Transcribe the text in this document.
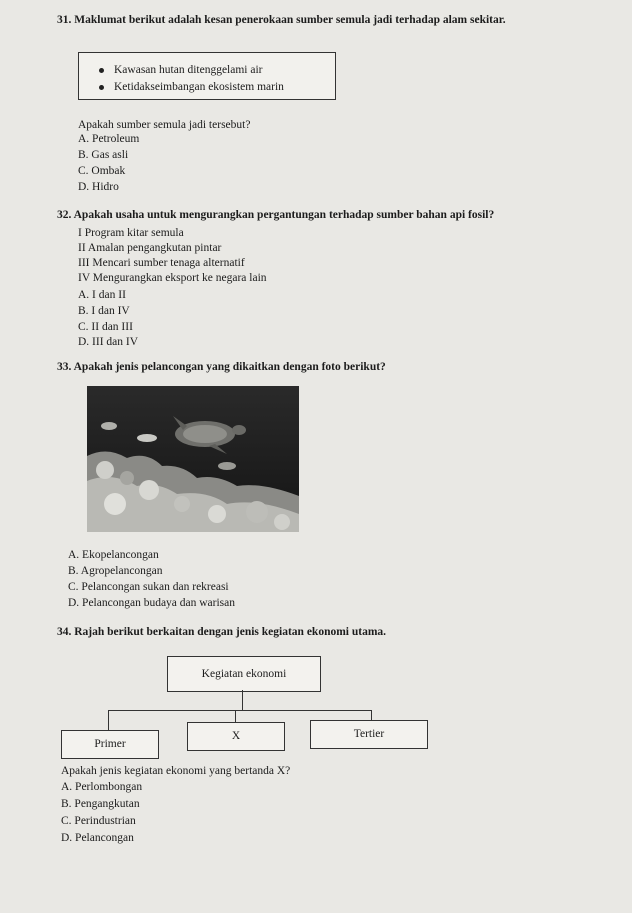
31. Maklumat berikut adalah kesan penerokaan sumber semula jadi terhadap alam sekitar.
Kawasan hutan ditenggelami air
Ketidakseimbangan ekosistem marin
Apakah sumber semula jadi tersebut?
A. Petroleum
B. Gas asli
C. Ombak
D. Hidro
32. Apakah usaha untuk mengurangkan pergantungan terhadap sumber bahan api fosil?
I Program kitar semula
II Amalan pengangkutan pintar
III Mencari sumber tenaga alternatif
IV Mengurangkan eksport ke negara lain
A. I dan II
B. I dan IV
C. II dan III
D. III dan IV
33. Apakah jenis pelancongan yang dikaitkan dengan foto berikut?
A. Ekopelancongan
B. Agropelancongan
C. Pelancongan sukan dan rekreasi
D. Pelancongan budaya dan warisan
34. Rajah berikut berkaitan dengan jenis kegiatan ekonomi utama.
Kegiatan ekonomi
Primer
X	Tertier
Apakah jenis kegiatan ekonomi yang bertanda X?
A. Perlombongan
B. Pengangkutan
C. Perindustrian
D. Pelancongan
